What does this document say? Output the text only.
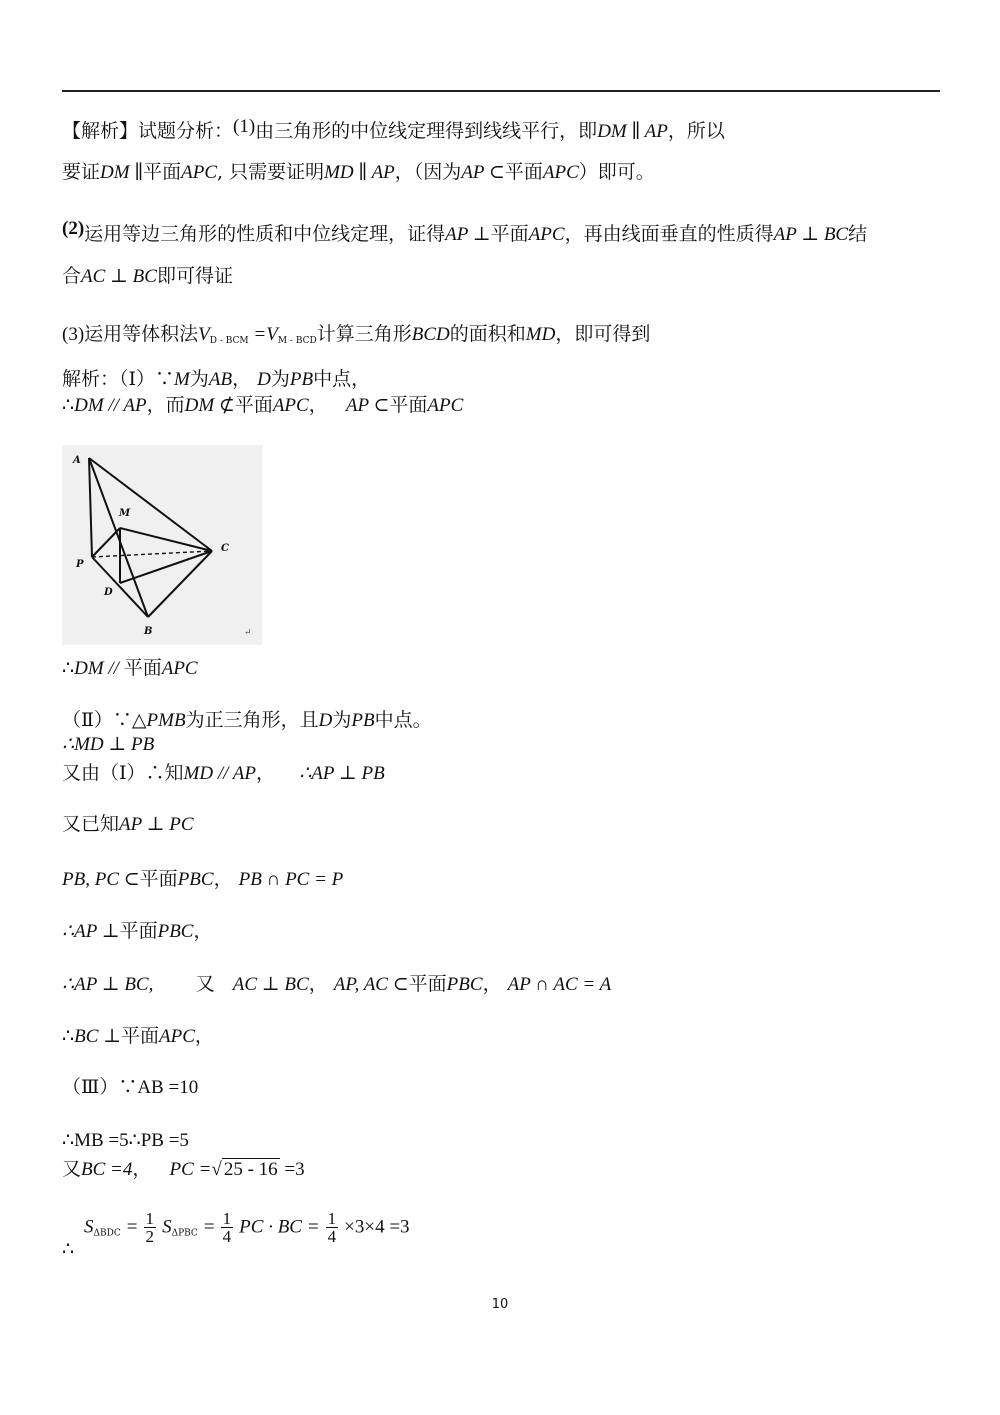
【解析】试题分析：(1)由三角形的中位线定理得到线线平行，即DM ∥ AP，所以
要证DM ∥平面APC, 只需要证明MD ∥ AP，（因为AP ⊂平面APC）即可。
(2)运用等边三角形的性质和中位线定理，证得AP ⊥平面APC，再由线面垂直的性质得AP ⊥ BC结
合AC ⊥ BC即可得证
(3)运用等体积法$V_{D - BCM} =V_{M - BCD}$计算三角形BCD的面积和MD，即可得到
解析：（Ⅰ）∵M为AB， D为PB中点，
∴DM // AP，而DM ⊄平面APC， AP ⊂平面APC
A
M
C
P
D
B	↵
∴DM // 平面APC
（Ⅱ）∵△PMB为正三角形，且D为PB中点。
∴MD ⊥ PB
又由（Ⅰ）∴知MD // AP， ∴AP ⊥ PB
又已知AP ⊥ PC
PB, PC ⊂平面PBC， PB ∩ PC = P
∴AP ⊥平面PBC，
∴AP ⊥ BC, 又 AC ⊥ BC， AP, AC ⊂平面PBC， AP ∩ AC = A
∴BC ⊥平面APC，
（Ⅲ）∵AB =10
∴MB =5∴PB =5
又BC =4， PC =√ 25 - 16 =3
∴
$S_{\Delta BDC} = \frac{1}{2} S_{\Delta PBC} = \frac{1}{4}$ PC · BC = $\frac{1}{4} \times 3\times 4 =3$
10
